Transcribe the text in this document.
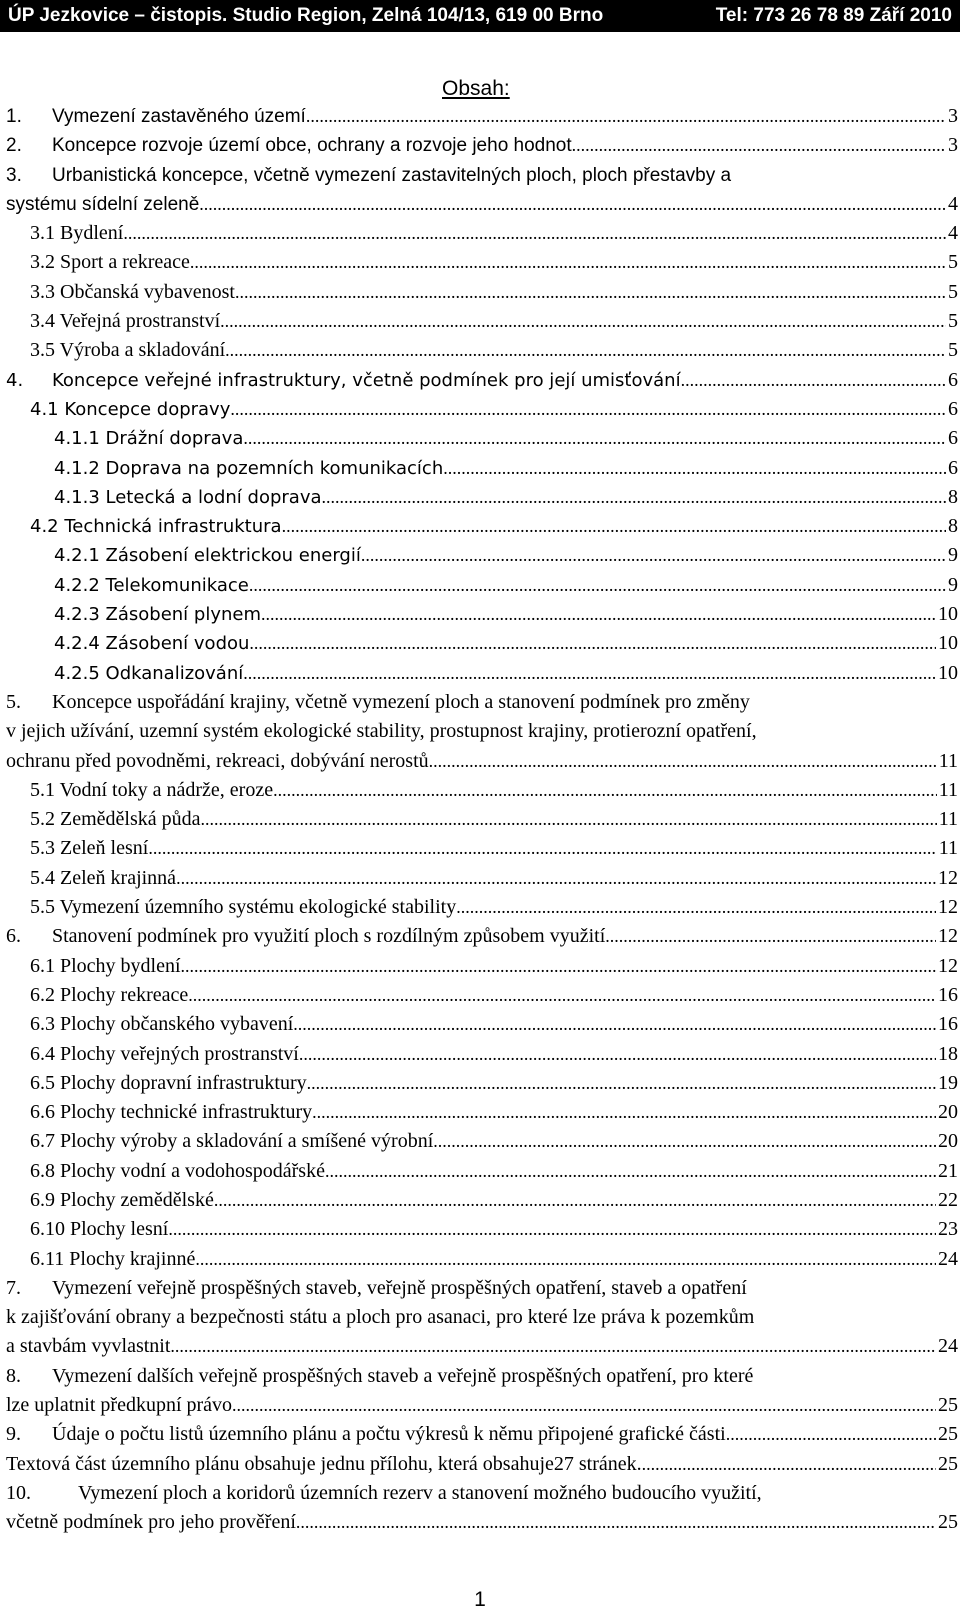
ÚP Jezkovice – čistopis. Studio Region, Zelná 104/13, 619 00 Brno	Tel: 773 26 78 89 Září 2010
Obsah:
1. Vymezení zastavěného území .....	3
2. Koncepce rozvoje území obce, ochrany a rozvoje jeho hodnot .....	3
3. Urbanistická koncepce, včetně vymezení zastavitelných ploch, ploch přestavby a
systému sídelní zeleně .....	4
3.1 Bydlení .....	4
3.2 Sport a rekreace .....	5
3.3 Občanská vybavenost .....	5
3.4 Veřejná prostranství .....	5
3.5 Výroba a skladování .....	5
4. Koncepce veřejné infrastruktury, včetně podmínek pro její umisťování .....	6
4.1 Koncepce dopravy .....	6
4.1.1 Drážní doprava .....	6
4.1.2 Doprava na pozemních komunikacích .....	6
4.1.3 Letecká a lodní doprava .....	8
4.2 Technická infrastruktura .....	8
4.2.1 Zásobení elektrickou energií .....	9
4.2.2 Telekomunikace .....	9
4.2.3 Zásobení plynem .....	10
4.2.4 Zásobení vodou .....	10
4.2.5 Odkanalizování .....	10
5. Koncepce uspořádání krajiny, včetně vymezení ploch a stanovení podmínek pro změny
v jejich užívání, uzemní systém ekologické stability, prostupnost krajiny, protierozní opatření,
ochranu před povodněmi, rekreaci, dobývání nerostů .....	11
5.1 Vodní toky a nádrže, eroze .....	11
5.2 Zemědělská půda .....	11
5.3 Zeleň lesní .....	11
5.4 Zeleň krajinná .....	12
5.5 Vymezení územního systému ekologické stability .....	12
6. Stanovení podmínek pro využití ploch s rozdílným způsobem využití .....	12
6.1 Plochy bydlení .....	12
6.2 Plochy rekreace .....	16
6.3 Plochy občanského vybavení .....	16
6.4 Plochy veřejných prostranství .....	18
6.5 Plochy dopravní infrastruktury .....	19
6.6 Plochy technické infrastruktury .....	20
6.7 Plochy výroby a skladování a smíšené výrobní .....	20
6.8 Plochy vodní a vodohospodářské .....	21
6.9 Plochy zemědělské .....	22
6.10 Plochy lesní .....	23
6.11 Plochy krajinné .....	24
7. Vymezení veřejně prospěšných staveb, veřejně prospěšných opatření, staveb a opatření
k zajišťování obrany a bezpečnosti státu a ploch pro asanaci, pro které lze práva k pozemkům
a stavbám vyvlastnit .....	24
8. Vymezení dalších veřejně prospěšných staveb a veřejně prospěšných opatření, pro které
lze uplatnit předkupní právo .....	25
9. Údaje o počtu listů územního plánu a počtu výkresů k němu připojené grafické části .....	25
Textová část územního plánu obsahuje jednu přílohu, která obsahuje27 stránek. .....	25
10. Vymezení ploch a koridorů územních rezerv a stanovení možného budoucího využití,
včetně podmínek pro jeho prověření .....	25
1
